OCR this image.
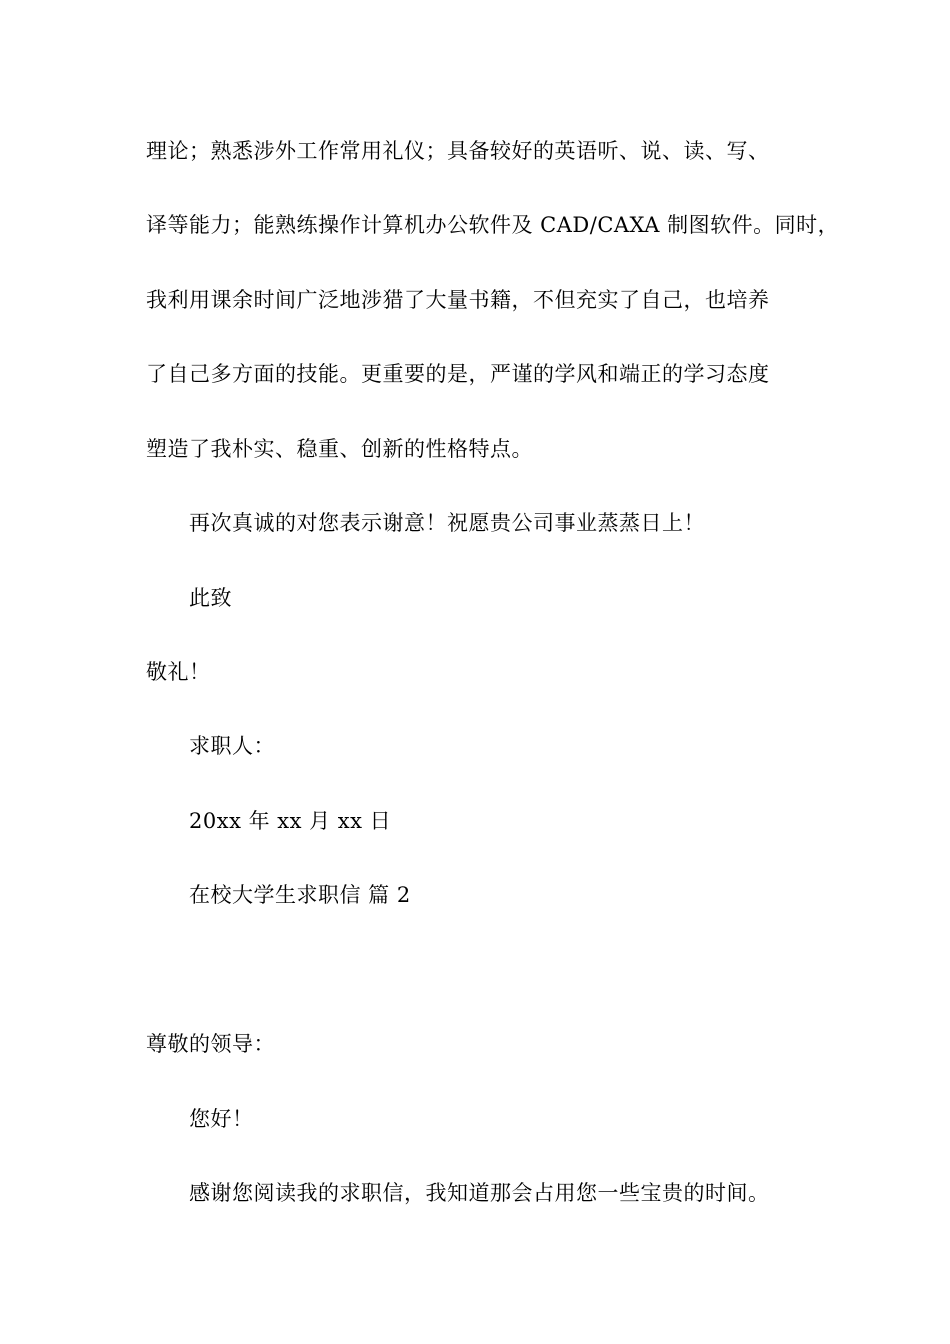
理论；熟悉涉外工作常用礼仪；具备较好的英语听、说、读、写、
译等能力；能熟练操作计算机办公软件及 CAD/CAXA 制图软件。同时，
我利用课余时间广泛地涉猎了大量书籍，不但充实了自己，也培养
了自己多方面的技能。更重要的是，严谨的学风和端正的学习态度
塑造了我朴实、稳重、创新的性格特点。
再次真诚的对您表示谢意！祝愿贵公司事业蒸蒸日上！
此致
敬礼！
求职人：
20xx 年 xx 月 xx 日
在校大学生求职信 篇 2
尊敬的领导：
您好！
感谢您阅读我的求职信，我知道那会占用您一些宝贵的时间。
